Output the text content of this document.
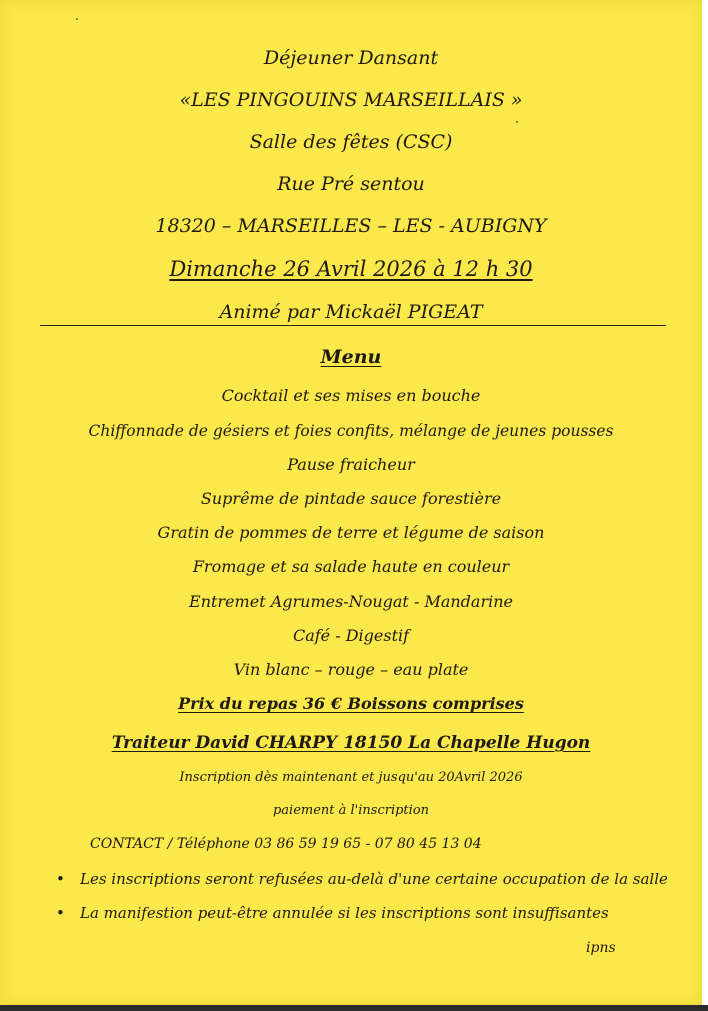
Déjeuner Dansant
«LES PINGOUINS MARSEILLAIS »
Salle des fêtes (CSC)
Rue Pré sentou
18320 – MARSEILLES – LES - AUBIGNY
Dimanche 26 Avril 2026 à 12 h 30
Animé par Mickaël PIGEAT
Menu
Cocktail et ses mises en bouche
Chiffonnade de gésiers et foies confits, mélange de jeunes pousses
Pause fraicheur
Suprême de pintade sauce forestière
Gratin de pommes de terre et légume de saison
Fromage et sa salade haute en couleur
Entremet Agrumes-Nougat - Mandarine
Café - Digestif
Vin blanc – rouge – eau plate
Prix du repas 36 € Boissons comprises
Traiteur David CHARPY 18150 La Chapelle Hugon
Inscription dès maintenant et jusqu'au 20Avril 2026
paiement à l'inscription
CONTACT / Téléphone 03 86 59 19 65 - 07 80 45 13 04
• Les inscriptions seront refusées au-delà d'une certaine occupation de la salle
• La manifestion peut-être annulée si les inscriptions sont insuffisantes
ipns
